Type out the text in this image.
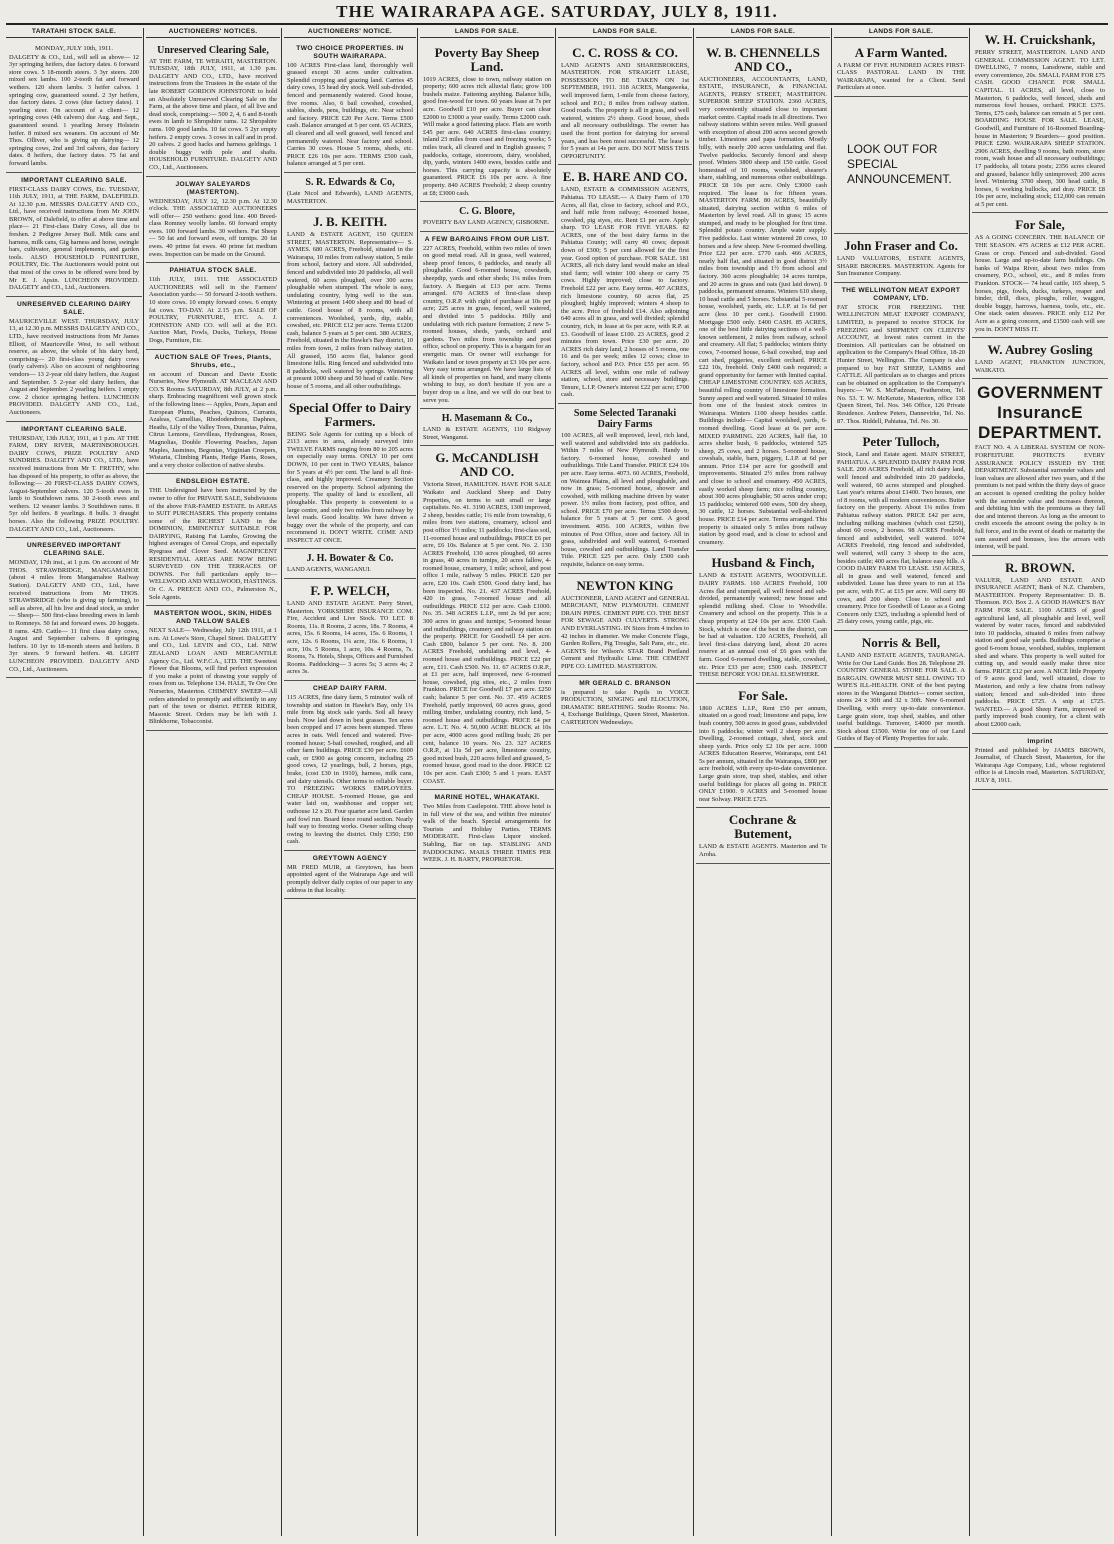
THE WAIRARAPA AGE. SATURDAY, JULY 8, 1911.
TARATAHI STOCK SALE.
MONDAY, JULY 10th, 1911.
DALGETY & CO., Ltd., will sell as above— 12 3yr springing heifers, due factory dates. 6 forward store cows. 5 18-month steers. 3 3yr steers. 200 mixed sex lambs. 100 2-tooth fat and forward wethers. 120 shorn lambs. 3 heifer calves. 1 springing cow, guaranteed sound. 2 3yr heifers, due factory dates. 2 cows (due factory dates). 1 yearling steer. On account of a client— 12 springing cows (4th calvers) due Aug. and Sept., guaranteed sound. 1 yearling Jersey Holstein heifer. 8 mixed sex weaners. On account of Mr Thos. Olliver, who is giving up dairying— 12 springing cows, 2nd and 3rd calvers, due factory dates. 8 heifers, due factory dates. 75 fat and forward lambs.
IMPORTANT CLEARING SALE.
FIRST-CLASS DAIRY COWS, Etc. TUESDAY, 11th JULY, 1911, at THE FARM, DALEFIELD. At 12.30 p.m. MESSRS DALGETY AND CO., Ltd., have received instructions from Mr JOHN BROWN, of Dalefield, to offer at above time and place— 21 First-class Dairy Cows, all due to freshen. 2 Pedigree Jersey Bull. Milk cans and harness, milk cans, Gig harness and horse, swingle bars, cultivator, general implements, and garden tools. ALSO HOUSEHOLD FURNITURE, POULTRY, Etc. The Auctioneers would point out that most of the cows to be offered were bred by Mr E. J. Apsin. LUNCHEON PROVIDED. DALGETY and CO., Ltd., Auctioneers.
UNRESERVED CLEARING DAIRY SALE.
MAURICEVILLE WEST. THURSDAY, JULY 13, at 12.30 p.m. MESSRS DALGETY AND CO., LTD., have received instructions from Mr James Elliott, of Mauriceville West, to sell without reserve, as above, the whole of his dairy herd, comprising— 20 first-class young dairy cows (early calvers). Also on account of neighbouring vendors— 13 2-year old dairy heifers, due August and September. 5 2-year old dairy heifers, due August and September. 2 yearling heifers. 1 empty cow. 2 choice springing heifers. LUNCHEON PROVIDED. DALGETY AND CO., Ltd., Auctioneers.
IMPORTANT CLEARING SALE.
THURSDAY, 13th JULY, 1911, at 1 p.m. AT THE FARM, DRY RIVER, MARTINBOROUGH. DAIRY COWS, PRIZE POULTRY AND SUNDRIES. DALGETY AND CO., LTD., have received instructions from Mr T. FRETHY, who has disposed of his property, to offer as above, the following:— 20 FIRST-CLASS DAIRY COWS, August-September calvers. 120 5-tooth ewes in lamb to Southdown rams. 30 2-tooth ewes and wethers. 12 weaner lambs. 3 Southdown rams. 8 5yr old heifers. 8 yearlings. 8 bulls. 3 draught horses. Also the following PRIZE POULTRY. DALGETY AND CO., Ltd., Auctioneers.
UNRESERVED IMPORTANT CLEARING SALE.
MONDAY, 17th inst., at 1 p.m. On account of Mr THOS. STRAWBRIDGE, MANGAMAHOE (about 4 miles from Mangamahoe Railway Station). DALGETY AND CO., Ltd., have received instructions from Mr THOS. STRAWBRIDGE (who is giving up farming), to sell as above, all his live and dead stock, as under— Sheep— 500 first-class breeding ewes in lamb to Romneys. 50 fat and forward ewes. 20 hoggets. 8 rams. 429. Cattle— 11 first class dairy cows, August and September calvers. 8 springing heifers. 10 1yr to 18-month steers and heifers. 8 3yr steers. 9 forward heifers. 48. LIGHT LUNCHEON PROVIDED. DALGETY AND CO., Ltd., Auctioneers.
AUCTIONEERS' NOTICES.
Unreserved Clearing Sale,
AT THE FARM, TE WERAITI, MASTERTON. TUESDAY, 18th JULY, 1911, at 1.30 p.m. DALGETY AND CO., LTD., have received instructions from the Trustees in the estate of the late ROBERT GORDON JOHNSTONE to hold an Absolutely Unreserved Clearing Sale on the Farm, at the above time and place, of all live and dead stock, comprising:— 500 2, 4, 6 and 8-tooth ewes in lamb to Shropshire rams. 12 Shropshire rams. 100 good lambs. 10 fat cows. 5 2yr empty heifers. 2 empty cows. 3 cows in calf and in prod. 20 calves. 2 good hacks and harness geldings. 1 double buggy with pole and shafts. HOUSEHOLD FURNITURE. DALGETY AND CO., Ltd., Auctioneers.
JOLWAY SALEYARDS (MASTERTON).
WEDNESDAY, JULY 12, 12.30 p.m. At 12.30 o'clock. THE ASSOCIATED AUCTIONEERS will offer— 250 wethers: good line. 400 Breed-class Romney woolly lambs. 60 forward empty ewes. 100 forward lambs. 30 wethers. Fat Sheep— 50 fat and forward ewes, off turnips. 20 fat ewes. 40 prime fat ewes. 40 prime fat medium ewes. Inspection can be made on the Ground.
PAHIATUA STOCK SALE.
11th JULY, 1911. THE ASSOCIATED AUCTIONEERS will sell in the Farmers' Association yards:— 50 forward 2-tooth wethers. 10 store cows. 10 empty forward cows. 6 empty fat cows. TO-DAY. At 2.15 p.m. SALE OF POULTRY, FURNITURE, ETC. A. J. JOHNSTON AND CO. will sell at the P.O. Auction Mart, Fowls, Ducks, Turkeys, House Dogs, Furniture, Etc.
AUCTION SALE OF Trees, Plants, Shrubs, etc.,
on account of Duncan and Davie Exotic Nurseries, New Plymouth. AT MACLEAN AND CO.'S Rooms SATURDAY, 8th JULY, at 2 p.m. sharp. Embracing magnificent well grown stock of the following lines:— Apples, Pears, Japan and European Plums, Peaches, Quinces, Currants, Azaleas, Camellias, Rhododendrons, Daphnes, Heaths, Lily of the Valley Trees, Durantas, Palms, Citrus Lemons, Grevilleas, Hydrangeas, Roses, Magnolias, Double Flowering Peaches, Japan Maples, Jasmines, Begonias, Virginian Creepers, Wistaria, Climbing Plants, Hedge Plants, Roses, and a very choice collection of native shrubs.
ENDSLEIGH ESTATE.
THE Undersigned have been instructed by the owner to offer for PRIVATE SALE, Subdivisions of the above FAR-FAMED ESTATE. In AREAS to SUIT PURCHASERS. This property contains some of the RICHEST LAND in the DOMINION, EMINENTLY SUITABLE FOR DAIRYING, Raising Fat Lambs, Growing the highest averages of Cereal Crops, and especially Ryegrass and Clover Seed. MAGNIFICENT RESIDENTIAL AREAS ARE NOW BEING SURVEYED ON THE TERRACES OF DOWNS. For full particulars apply to— WELLWOOD AND WELLWOOD, HASTINGS. Or C. A. PREECE AND CO., Palmerston N., Sole Agents.
MASTERTON WOOL, SKIN, HIDES AND TALLOW SALES
NEXT SALE— Wednesday, July 12th 1911, at 1 o.m. At Lowe's Store, Chapel Street. DALGETY and CO., Ltd. LEVIN and CO., Ltd. NEW ZEALAND LOAN AND MERCANTILE Agency Co., Ltd. W.F.C.A., LTD. THE Sweetest Flower that Blooms, will find perfect expression if you make a point of drawing your supply of roses from us. Telephone 134. HALE, Te Ore Ore Nurseries, Masterton. CHIMNEY SWEEP.—All orders attended to promptly and efficiently in any part of the town or district. PETER RIDER, Masonic Street. Orders may be left with J. Blinkhorne, Tobacconist.
AUCTIONEERS' NOTICE.
TWO CHOICE PROPERTIES. IN SOUTH WAIRARAPA.
100 ACRES First-class land, thoroughly well grassed except 30 acres under cultivation. Splendid cropping and grazing land. Carries 45 dairy cows, 15 head dry stock. Well sub-divided, fenced and permanently watered. Good house, five rooms. Also, 6 bail cowshed, cowshed, stables, sheds, pens, buildings, etc. Near school and factory. PRICE £20 Per Acre. Terms £500 cash. Balance arranged at 5 per cent. 65 ACRES, all cleared and all well grassed, well fenced and permanently watered. Near factory and school. Carries 30 cows. House 5 rooms, sheds, etc. PRICE £26 10s per acre. TERMS £500 cash, balance arranged at 5 per cent.
S. R. Edwards & Co,
(Late Nicol and Edwards), LAND AGENTS, MASTERTON.
J. B. KEITH.
LAND & ESTATE AGENT, 150 QUEEN STREET, MASTERTON. Representative— S. AYMES. 680 ACRES, Freehold, situated in the Wairarapa, 10 miles from railway station, 5 mile from school, factory and store. All subdivided, fenced and subdivided into 20 paddocks, all well watered, 60 acres ploughed, over 300 acres ploughable when stumped. The whole is easy, undulating country, lying well to the sun. Wintering at present 1400 sheep and 80 head of cattle. Good house of 8 rooms, with all conveniences. Woolshed, yards, dip, stable, cowshed, etc. PRICE £12 per acre. Terms £1200 cash, balance 5 years at 5 per cent. 380 ACRES, Freehold, situated in the Hawke's Bay district, 10 miles from town, 2 miles from railway station. All grassed, 150 acres flat, balance good limestone hills. Ring fenced and subdivided into 8 paddocks, well watered by springs. Wintering at present 1000 sheep and 50 head of cattle. New house of 5 rooms, and all other outbuildings.
Special Offer to Dairy Farmers.
BEING Sole Agents for cutting up a block of 2113 acres in area, already surveyed into TWELVE FARMS ranging from 80 to 205 acres on especially easy terms. ONLY 10 per cent DOWN, 10 per cent in TWO YEARS, balance for 5 years at 4½ per cent. The land is all first-class, and highly improved. Creamery Section reserved on the property. School adjoining the property. The quality of land is excellent, all ploughable. This property is convenient to a large centre, and only two miles from railway by level roads. Good locality. We have driven a buggy over the whole of the property, and can recommend it. DON'T WRITE. COME AND INSPECT AT ONCE.
J. H. Bowater & Co.
LAND AGENTS, WANGANUI.
F. P. WELCH,
LAND AND ESTATE AGENT. Perry Street, Masterton. YORKSHIRE INSURANCE COM. Fire, Accident and Live Stock. TO LET. 8 Rooms, 11s. 8 Rooms, 2 acres, 18s. 7 Rooms, 4 acres, 15s. 6 Rooms, 14 acres, 15s. 6 Rooms, 1 acre, 12s. 6 Rooms, 1¼ acre, 16s. 6 Rooms, 1 acre, 10s. 5 Rooms, 1 acre, 10s. 4 Rooms, 7s. Rooms, 7s. Hotels, Shops, Offices and Furnished Rooms. Paddocking— 3 acres 5s; 3 acres 4s; 2 acres 3s.
CHEAP DAIRY FARM.
115 ACRES, fine dairy farm, 5 minutes' walk of township and station in Hawke's Bay, only 1¼ mile from big stock sale yards. Soil all heavy bush. Now laid down in best grasses. Ten acres been cropped and 17 acres been stumped. Three acres in oats. Well fenced and watered. Five-roomed house; 5-bail cowshed, roughed, and all other farm buildings. PRICE £30 per acre. £600 cash, or £900 as going concern, including 25 good cows, 12 yearlings, bull, 2 horses, pigs, brake, (cost £30 in 1910), harness, milk cans, and dairy utensils. Other terms to reliable buyer. TO FREEZING WORKS EMPLOYEES. CHEAP HOUSE. 5-roomed House, gas and water laid on, washhouse and copper set; outhouse 12 x 20. Four quarter acre land. Garden and fowl run. Board fence round section. Nearly half way to freezing works. Owner selling cheap owing to leaving the district. Only £350; £90 cash.
GREYTOWN AGENCY
MR FRED MUIR, at Greytown, has been appointed agent of the Wairarapa Age and will promptly deliver daily copies of our paper to any address in that locality.
LANDS FOR SALE.
Poverty Bay Sheep Land.
1019 ACRES, close to town, railway station on property; 600 acres rich alluvial flats; grow 100 bushels maize. Fattening anything. Balance hills, good free-wood for town. 60 years lease at 7s per acre. Goodwill £10 per acre. Buyer can clear £2000 to £3000 a year easily. Terms £2000 cash. Will make a good fattening place. Flats are worth £45 per acre. 640 ACRES first-class country; inland 23 miles from coast and freezing works; 5 miles track, all cleared and in English grasses; 7 paddocks, cottage, storeroom, dairy, woolshed, dip, yards, winters 1400 ewes, besides cattle and horses. This carrying capacity is absolutely guaranteed. PRICE £6 10s per acre. A fine property. 840 ACRES Freehold; 2 sheep country at £8; £3000 cash.
C. G. Bloore,
POVERTY BAY LAND AGENCY, GISBORNE.
A FEW BARGAINS FROM OUR LIST.
227 ACRES, Freehold, within two miles of town on good metal road. All in grass, well watered, sheep proof fences, 6 paddocks, and nearly all ploughable. Good 6-roomed house, cowsheds, sheepdip, yards and other sheds; 1¼ miles from factory. A Bargain at £13 per acre. Terms arranged. 670 ACRES of first-class sheep country, O.R.P. with right of purchase at 10s per acre; 225 acres in grass, fenced, well watered, and divided into 5 paddocks. Hilly and undulating with rich pasture formation; 2 new 5-roomed houses, sheds, yards, orchard and gardens. Two miles from township and post office, school on property. This is a bargain for an energetic man. Or owner will exchange for Waikato land or town property at £3 10s per acre. Very easy terms arranged. We have large lists of all kinds of properties on hand, and many clients wishing to buy, so don't hesitate if you are a buyer drop us a line, and we will do our best to serve you.
H. Masemann & Co.,
LAND & ESTATE AGENTS, 110 Ridgway Street, Wanganui.
G. McCANDLISH AND CO.
Victoria Street, HAMILTON. HAVE FOR SALE Waikato and Auckland Sheep and Dairy Properties, on terms to suit small or large capitalists. No. 41. 3190 ACRES, 1300 improved, 2 sheep, besides cattle; 1¼ mile from township, 6 miles from two stations, creamery, school and post office 1½ miles; 11 paddocks; first-class soil, 11-roomed house and outbuildings. PRICE £6 per acre, £6 10s. Balance at 5 per cent. No. 2. 130 ACRES Freehold, 130 acres ploughed, 60 acres in grass, 40 acres in turnips, 20 acres fallow, 4-roomed house, creamery, 1 mile; school, and post office 1 mile, railway 5 miles. PRICE £20 per acre, £20 10s. Cash £500. Good dairy land, has been inspected. No. 21. 437 ACRES Freehold, 420 in grass, 7-roomed house and all outbuildings. PRICE £12 per acre. Cash £1000. No. 35. 348 ACRES L.I.P., rent 2s 9d per acre; 300 acres in grass and turnips; 5-roomed house and outbuildings, creamery and railway station on the property. PRICE for Goodwill £4 per acre. Cash £800, balance 5 per cent. No. 8. 200 ACRES Freehold, undulating and level, 4-roomed house and outbuildings. PRICE £22 per acre, £11. Cash £500. No. 11. 67 ACRES O.R.P., at £1 per acre, half improved, new 6-roomed house, cowshed, pig sties, etc., 2 miles from Frankton. PRICE for Goodwill £7 per acre. £250 cash; balance 5 per cent. No. 37. 459 ACRES Freehold, partly improved, 60 acres grass, good milling timber, undulating country, rich land, 5-roomed house and outbuildings. PRICE £4 per acre. L.T. No. 4. 50,000 ACRE BLOCK at 10s per acre, 4000 acres good milling bush; 26 per cent, balance 10 years. No. 23. 327 ACRES O.R.P., at 11s 5d per acre, limestone country, good mixed bush, 220 acres felled and grassed, 5-roomed house, good road to the door. PRICE £2 10s per acre. Cash £300; 5 and 1 years. EAST COAST.
MARINE HOTEL, WHAKATAKI.
Two Miles from Castlepoint. THE above hotel is in full view of the sea, and within five minutes' walk of the beach. Special arrangements for Tourists and Holiday Parties. TERMS MODERATE. First-class Liquor stocked. Stabling, Bar on tap. STABLING AND PADDOCKING. MAILS THREE TIMES PER WEEK. J. H. BARTY, PROPRIETOR.
LANDS FOR SALE.
C. C. ROSS & CO.
LAND AGENTS AND SHAREBROKERS, MASTERTON. FOR STRAIGHT LEASE, POSSESSION TO BE TAKEN ON 1st SEPTEMBER, 1911. 318 ACRES, Mangaweka, well improved farm, 1-mile from cheese factory, school and P.O.; 8 miles from railway station. Good roads. The property is all in grass, and well watered, winters 2½ sheep. Good house, sheds and all necessary outbuildings. The owner has used the front portion for dairying for several years, and has been most successful. The lease is for 5 years at 14s per acre. DO NOT MISS THIS OPPORTUNITY.
E. B. HARE AND CO.
LAND, ESTATE & COMMISSION AGENTS, Pahiatua. TO LEASE.— A Dairy Farm of 170 Acres, all flat, close to factory, school and P.O., and half mile from railway; 4-roomed house, cowshed, pig styes, etc. Rent £1 per acre. Apply sharp. TO LEASE FOR FIVE YEARS. 82 ACRES, one of the best dairy farms in the Pahiatua County; will carry 40 cows; deposit down of £300; 5 per cent allowed for the first year. Good option of purchase. FOR SALE. 181 ACRES, all rich dairy land would make an ideal stud farm; will winter 100 sheep or carry 75 cows. Highly improved; close to factory. Freehold £22 per acre. Easy terms. 407 ACRES, rich limestone country, 60 acres flat, 25 ploughed; highly improved; winters 4 sheep to the acre. Price of freehold £14. Also adjoining 640 acres all in grass, and well divided; splendid country, rich, in lease at 6s per acre, with R.P. at £3. Goodwill of lease £100. 23 ACRES, good 2 minutes from town. Price £30 per acre. 20 ACRES rich dairy land, 2 houses of 5 rooms, one 16 and 6s per week; miles 12 cows; close to factory, school and P.O. Price £55 per acre. 95 ACRES all level, within one mile of railway station, school, store and necessary buildings. Tenure, L.I.P. Owner's interest £22 per acre; £700 cash.
Some Selected Taranaki Dairy Farms
100 ACRES, all well improved, level, rich land, well watered and subdivided into six paddocks. Within 7 miles of New Plymouth. Handy to factory. 6-roomed house, cowshed and outbuildings. Title Land Transfer. PRICE £24 10s per acre. Easy terms. 4073. 60 ACRES, Freehold, on Waimea Plains, all level and ploughable, and now in grass; 5-roomed house, shower and cowshed, with milking machine driven by water power. 1½ miles from factory, post office, and school. PRICE £70 per acre. Terms £500 down, balance for 5 years at 5 per cent. A good investment. 4056. 100 ACRES, within five minutes of Post Office, store and factory. All in grass, subdivided and well watered, 6-roomed house, cowshed and outbuildings. Land Transfer Title. PRICE £25 per acre. Only £500 cash requisite, balance on easy terms.
NEWTON KING
AUCTIONEER, LAND AGENT and GENERAL MERCHANT, NEW PLYMOUTH. CEMENT DRAIN PIPES. CEMENT PIPE CO. THE BEST FOR SEWAGE AND CULVERTS. STRONG AND EVERLASTING. IN Sizes from 4 inches to 42 inches in diameter. We make Concrete Flags, Garden Rollers, Pig Troughs, Salt Pans, etc., etc. AGENTS for Wilson's STAR Brand Portland Cement and Hydraulic Lime. THE CEMENT PIPE CO. LIMITED. MASTERTON.
MR GERALD C. BRANSON
is prepared to take Pupils in VOICE PRODUCTION, SINGING and ELOCUTION, DRAMATIC BREATHING. Studio Rooms: No. 4, Exchange Buildings, Queen Street, Masterton. CARTERTON Wednesdays.
LANDS FOR SALE.
W. B. CHENNELLS AND CO.,
AUCTIONEERS, ACCOUNTANTS, LAND, ESTATE, INSURANCE, & FINANCIAL AGENTS, PERRY STREET, MASTERTON. SUPERIOR SHEEP STATION. 2360 ACRES, very conveniently situated close to important market centre. Capital roads in all directions. Two railway stations within seven miles. Well grassed with exception of about 200 acres second growth timber. Limestone and papa formation. Mostly hilly, with nearly 200 acres undulating and flat. Twelve paddocks. Securely fenced and sheep proof. Winters 3800 sheep and 150 cattle. Good homestead of 10 rooms, woolshed, shearer's share, stabling, and numerous other outbuildings. PRICE £8 10s per acre. Only £3000 cash required. The lease is for fifteen years. MASTERTON FARM. 80 ACRES, beautifully situated, dairying section within 6 miles of Masterton by level road. All in grass; 15 acres stumped, and ready to be ploughed for first time. Splendid potato country. Ample water supply. Five paddocks. Last winter wintered 28 cows, 10 horses and a few sheep. New 6-roomed dwelling. Price £22 per acre. £770 cash. 466 ACRES, nearly half flat, and situated in good district 3½ miles from township and 1½ from school and factory. 360 acres ploughable; 14 acres turnips, and 20 acres in grass and oats (just laid down). 9 paddocks, permanent streams. Winters 610 sheep, 10 head cattle and 5 horses. Substantial 5-roomed house, woolshed, yards, etc. L.I.P. at 1s 6d per acre (less 10 per cent.). Goodwill £1900. Mortgage £500 only. £400 CASH. 85 ACRES, one of the best little dairying sections of a well-known settlement, 2 miles from railway, school and creamery. All flat; 5 paddocks; winters thirty cows, 7-roomed house, 6-bail cowshed, trap and cart shed, piggeries, excellent orchard. PRICE £22 10s, freehold. Only £400 cash required; a grand opportunity for farmer with limited capital. CHEAP LIMESTONE COUNTRY. 635 ACRES, beautiful rolling country of limestone formation. Sunny aspect and well watered. Situated 10 miles from one of the busiest stock centres in Wairarapa. Winters 1100 sheep besides cattle. Buildings include— Capital woolshed, yards, 6-roomed dwelling. Good lease at 6s per acre. MIXED FARMING. 220 ACRES, half flat, 10 acres shelter bush, 6 paddocks, wintered 525 sheep, 25 cows, and 2 horses. 5-roomed house, cowshals, stable, barn, piggery, L.I.P. at 6d per annum. Price £14 per acre for goodwill and improvements. Situated 2½ miles from railway and close to school and creamery. 450 ACRES, easily worked sheep farm; nice rolling country, about 300 acres ploughable; 50 acres under crop; 15 paddocks; wintered 600 ewes, 500 dry sheep, 30 cattle, 12 horses. Substantial well-sheltered house. PRICE £14 per acre. Terms arranged. This property is situated only 5 miles from railway station by good road, and is close to school and creamery.
Husband & Finch,
LAND & ESTATE AGENTS, WOODVILLE. DAIRY FARMS. 160 ACRES Freehold, 100 Acres flat and stumped, all well fenced and sub-divided, permanently watered; new house and splendid milking shed. Close to Woodville. Creamery and school on the property. This is a cheap property at £24 10s per acre. £300 Cash. Stock, which is one of the best in the district, can be had at valuation. 120 ACRES, Freehold, all level first-class dairying land, about 20 acres reserve at an annual cost of £6 goes with the farm. Good 6-roomed dwelling, stable, cowshed, etc. Price £33 per acre; £500 cash. INSPECT THESE BEFORE YOU DEAL ELSEWHERE.
For Sale.
1860 ACRES L.I.P., Rent £50 per annum, situated on a good road; limestone and papa, low bush country, 500 acres in good grass, subdivided into 6 paddocks; winter well 2 sheep per acre. Dwelling, 2-roomed cottage, shed, stock and sheep yards. Price only £2 10s per acre. 1000 ACRES Education Reserve, Wairarapa, rent £41 5s per annum, situated in the Wairarapa, £800 per acre freehold, with every up-to-date convenience. Large grain store, trap shed, stables, and other useful buildings for places all going in. PRICE ONLY £1900. 9 ACRES and 5-roomed house near Solway. PRICE £725.
Cochrane & Butement,
LAND & ESTATE AGENTS. Masterton and Te Aroha.
LANDS FOR SALE.
A Farm Wanted.
A FARM OF FIVE HUNDRED ACRES FIRST-CLASS PASTORAL LAND IN THE WAIRARAPA, wanted for a Client. Send Particulars at once.
LOOK OUT FOR SPECIAL ANNOUNCEMENT.
John Fraser and Co.
LAND VALUATORS, ESTATE AGENTS, SHARE BROKERS. MASTERTON. Agents for Sun Insurance Company.
THE WELLINGTON MEAT EXPORT COMPANY, LTD.
FAT STOCK FOR FREEZING. THE WELLINGTON MEAT EXPORT COMPANY, LIMITED, is prepared to receive STOCK for FREEZING and SHIPMENT ON CLIENTS' ACCOUNT, at lowest rates current in the Dominion. All particulars can be obtained on application to the Company's Head Office, 18-20 Hunter Street, Wellington. The Company is also prepared to buy FAT SHEEP, LAMBS and CATTLE. All particulars as to charges and prices can be obtained on application to the Company's buyers:— W. S. McFadzean, Featherston, Tel. No. 53. T. W. McKenzie, Masterton, office 138 Queen Street, Tel. Nos. 346 Office, 126 Private Residence. Andrew Peters, Dannevirke, Tel. No. 87. Thos. Riddell, Pahiatua, Tel. No. 30.
Peter Tulloch,
Stock, Land and Estate agent. MAIN STREET, PAHIATUA. A SPLENDID DAIRY FARM FOR SALE. 200 ACRES Freehold, all rich dairy land, well fenced and subdivided into 20 paddocks, well watered, 60 acres stumped and ploughed. Last year's returns about £1400. Two houses, one of 8 rooms, with all modern conveniences. Butter factory on the property. About 1¼ miles from Pahiatua railway station. PRICE £42 per acre, including milking machines (which cost £250), about 60 cows, 2 horses. 98 ACRES Freehold, fenced and subdivided, well watered. 1074 ACRES Freehold, ring fenced and subdivided, well watered, will carry 3 sheep to the acre, besides cattle; 400 acres flat, balance easy hills. A COOD DAIRY FARM TO LEASE. 150 ACRES, all in grass and well watered, fenced and subdivided. Lease has three years to run at 15s per acre, with P.C. at £15 per acre. Will carry 80 cows, and 200 sheep. Close to school and creamery. Price for Goodwill of Lease as a Going Concern only £325, including a splendid herd of 25 dairy cows, young cattle, pigs, etc.
Norris & Bell,
LAND AND ESTATE AGENTS, TAURANGA. Write for Our Land Guide. Box 28. Telephone 29. COUNTRY GENERAL STORE FOR SALE. A BARGAIN. OWNER MUST SELL OWING TO WIFE'S ILL-HEALTH. ONE of the best paying stores in the Wanganui District— corner section, stores 24 x 30ft and 32 x 30ft. New 6-roomed Dwelling, with every up-to-date convenience. Large grain store, trap shed, stables, and other useful buildings. Turnover, £4000 per month. Stock about £1500. Write for one of our Land Guides of Bay of Plenty Properties for sale.
W. H. Cruickshank,
PERRY STREET, MASTERTON. LAND AND GENERAL COMMISSION AGENT. TO LET. DWELLING, 7 rooms, Lansdowne, stable and every convenience, 20s. SMALL FARM FOR £75 CASH. GOOD CHANCE FOR SMALL CAPITAL. 11 ACRES, all level, close to Masterton, 6 paddocks, well fenced, sheds and numerous fowl houses, orchard. PRICE £375. Terms, £75 cash, balance can remain at 5 per cent. BOARDING HOUSE FOR SALE. LEASE, Goodwill, and Furniture of 16-Roomed Boarding-house in Masterton; 9 Boarders— good position. PRICE £290. WAIRARAPA SHEEP STATION. 2906 ACRES, dwelling 9 rooms, bath room, store room, wash house and all necessary outbuildings; 17 paddocks, all totara posts; 2356 acres cleared and grassed, balance hilly unimproved; 200 acres level. Wintering 3700 sheep, 300 head cattle, 8 horses, 6 working bullocks, and dray. PRICE £8 10s per acre, including stock; £12,000 can remain at 5 per cent.
For Sale,
AS A GOING CONCERN. THE BALANCE OF THE SEASON. 475 ACRES at £12 PER ACRE. Grass or crop. Fenced and sub-divided. Good house. Large and up-to-date farm buildings. On banks of Waipa River, about two miles from creamery, P.O., school, etc., and 8 miles from Frankton. STOCK— 74 head cattle, 165 sheep, 5 horses, pigs, fowls, ducks, turkeys, reaper and binder, drill, discs, ploughs, roller, waggon, double buggy, harrows, harness, tools, etc., etc. One stack oaten sheaves. PRICE only £12 Per Acre as a going concern, and £1500 cash will see you in. DON'T MISS IT.
W. Aubrey Gosling
LAND AGENT, FRANKTON JUNCTION, WAIKATO.
GOVERNMENT InsurancE DEPARTMENT.
FACT NO. 4. A LIBERAL SYSTEM OF NON-FORFEITURE PROTECTS EVERY ASSURANCE POLICY ISSUED BY THE DEPARTMENT. Substantial surrender values and loan values are allowed after two years, and if the premium is not paid within the thirty days of grace an account is opened crediting the policy holder with the surrender value and increases thereon, and debiting him with the premiums as they fall due and interest thereon. As long as the amount to credit exceeds the amount owing the policy is in full force, and in the event of death or maturity the sum assured and bonuses, less the arrears with interest, will be paid.
R. BROWN.
VALUER, LAND AND ESTATE AND INSURANCE AGENT, Bank of N.Z. Chambers, MASTERTON. Property Representative: D. B. Thomson. P.O. Box 2. A GOOD HAWKE'S BAY FARM FOR SALE. 1100 ACRES of good agricultural land, all ploughable and level, well watered by water races, fenced and subdivided into 10 paddocks, situated 6 miles from railway station and good sale yards. Buildings comprise a good 6-room house, woolshed, stables, implement shed and whare. This property is well suited for cutting up, and would easily make three nice farms. PRICE £12 per acre. A NICE little Property of 9 acres good land, well situated, close to Masterton, and only a few chains from railway station; fenced and sub-divided into three paddocks. PRICE £725. A snip at £725. WANTED.— A good Sheep Farm, improved or partly improved bush country, for a client with about £2000 cash.
Imprint
Printed and published by JAMES BROWN, Journalist, of Church Street, Masterton, for the Wairarapa Age Company, Ltd., whose registered office is at Lincoln road, Masterton. SATURDAY, JULY 8, 1911.
